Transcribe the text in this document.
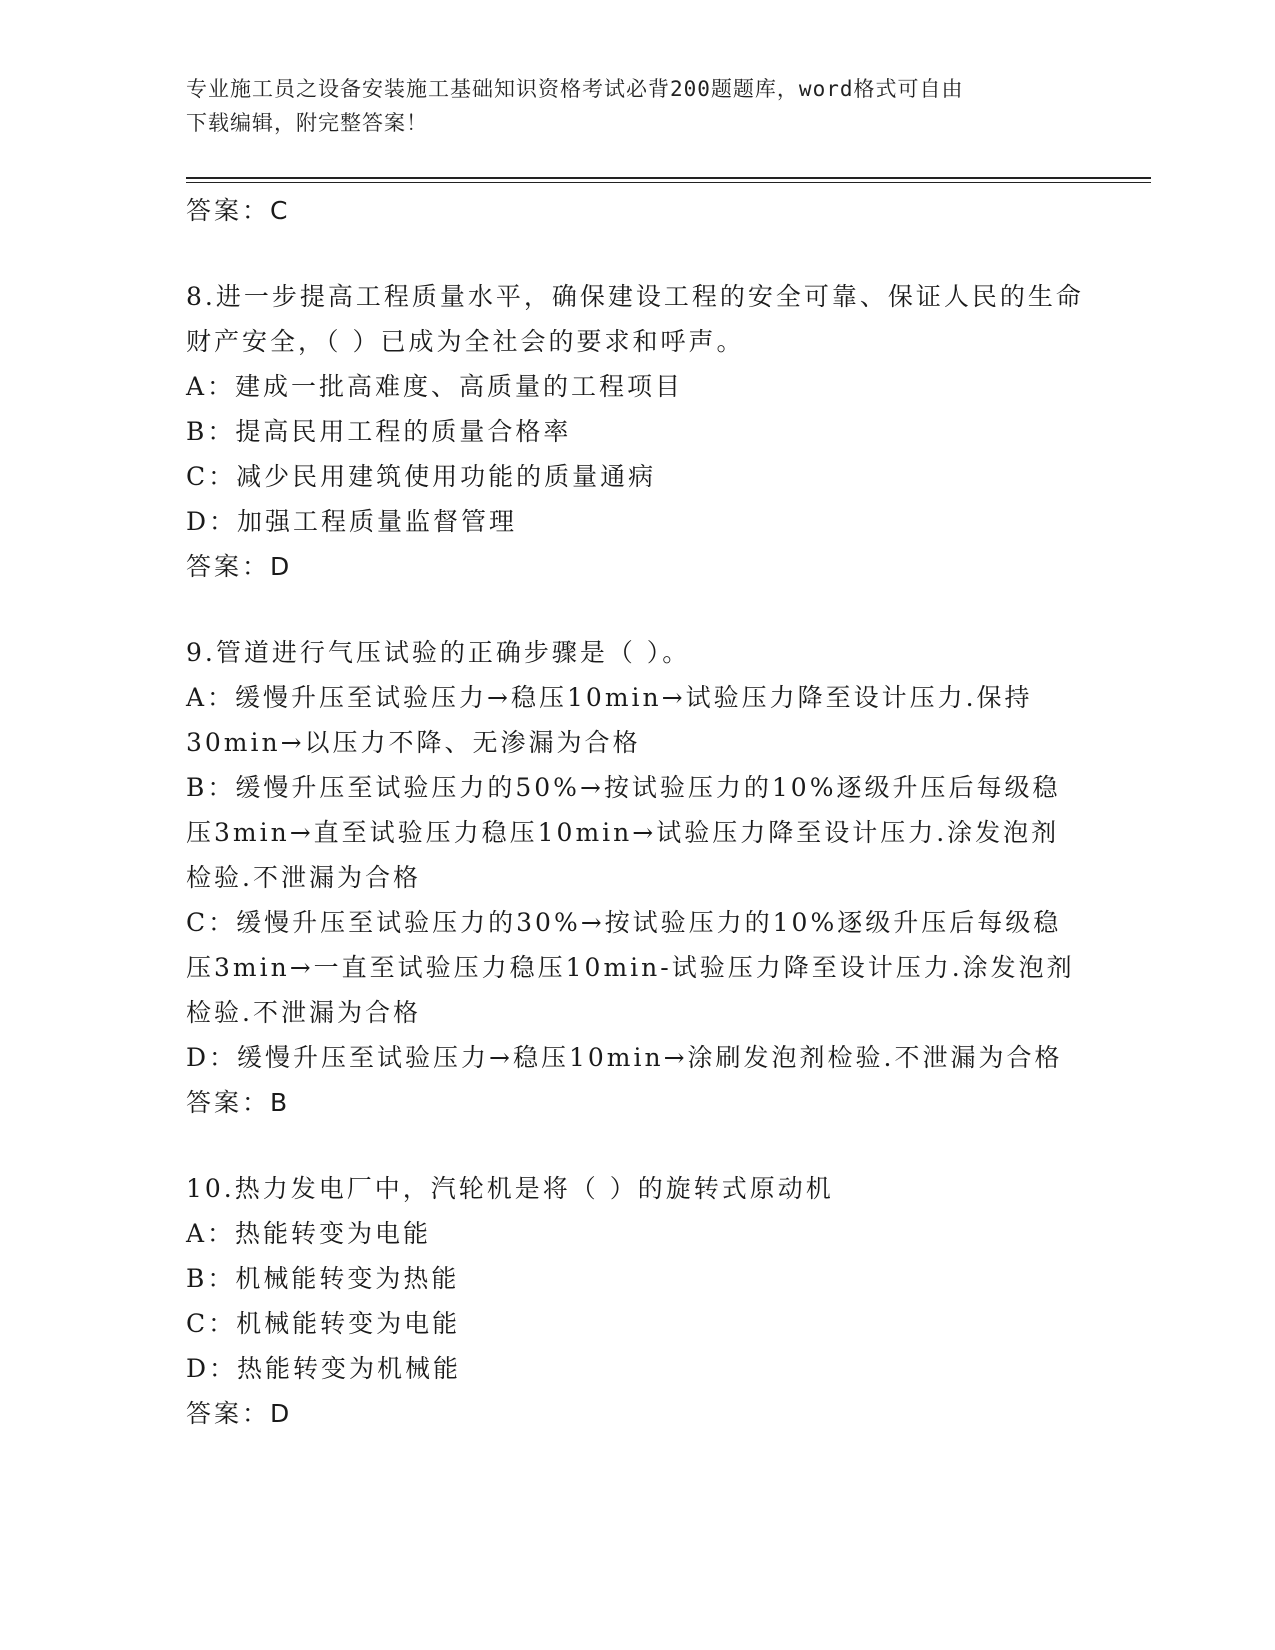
专业施工员之设备安装施工基础知识资格考试必背200题题库，word格式可自由
下载编辑，附完整答案！

答案：C

8.进一步提高工程质量水平，确保建设工程的安全可靠、保证人民的生命财产安全，（ ）已成为全社会的要求和呼声。

A：建成一批高难度、高质量的工程项目

B：提高民用工程的质量合格率

C：减少民用建筑使用功能的质量通病

D：加强工程质量监督管理

答案：D

9.管道进行气压试验的正确步骤是（ ）。

A：缓慢升压至试验压力→稳压10min→试验压力降至设计压力.保持30min→以压力不降、无渗漏为合格

B：缓慢升压至试验压力的50%→按试验压力的10%逐级升压后每级稳压3min→直至试验压力稳压10min→试验压力降至设计压力.涂发泡剂检验.不泄漏为合格

C：缓慢升压至试验压力的30%→按试验压力的10%逐级升压后每级稳压3min→一直至试验压力稳压10min-试验压力降至设计压力.涂发泡剂检验.不泄漏为合格

D：缓慢升压至试验压力→稳压10min→涂刷发泡剂检验.不泄漏为合格

答案：B

10.热力发电厂中，汽轮机是将（ ）的旋转式原动机

A：热能转变为电能

B：机械能转变为热能

C：机械能转变为电能

D：热能转变为机械能

答案：D
